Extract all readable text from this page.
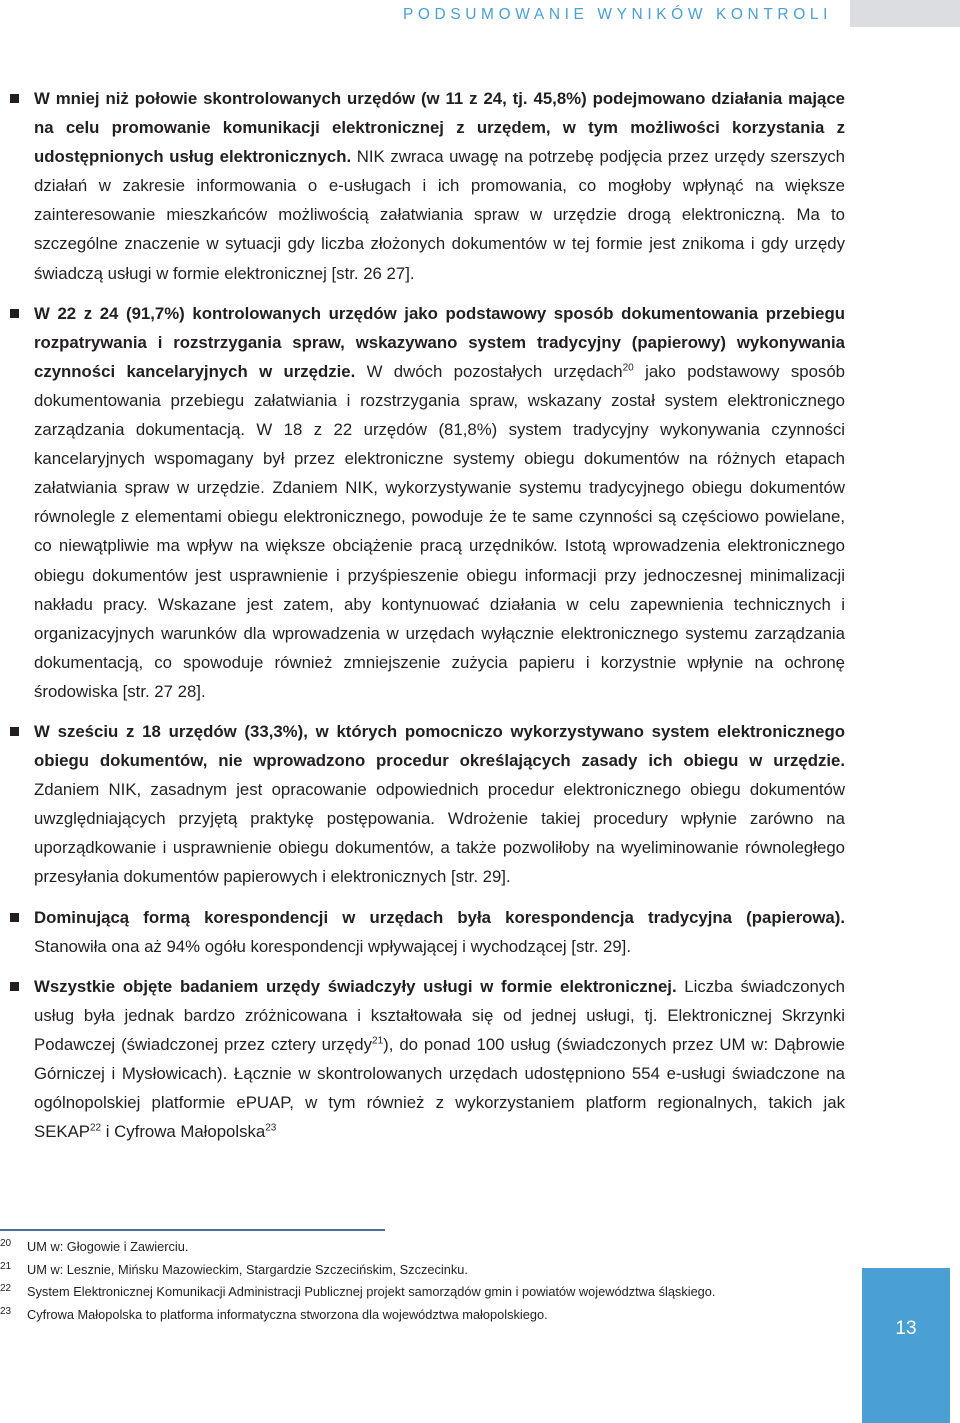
PODSUMOWANIE WYNIKÓW KONTROLI
W mniej niż połowie skontrolowanych urzędów (w 11 z 24, tj. 45,8%) podejmowano działania mające na celu promowanie komunikacji elektronicznej z urzędem, w tym możliwości korzystania z udostępnionych usług elektronicznych. NIK zwraca uwagę na potrzebę podjęcia przez urzędy szerszych działań w zakresie informowania o e-usługach i ich promowania, co mogłoby wpłynąć na większe zainteresowanie mieszkańców możliwością załatwiania spraw w urzędzie drogą elektroniczną. Ma to szczególne znaczenie w sytuacji gdy liczba złożonych dokumentów w tej formie jest znikoma i gdy urzędy świadczą usługi w formie elektronicznej [str. 26 27].
W 22 z 24 (91,7%) kontrolowanych urzędów jako podstawowy sposób dokumentowania przebiegu rozpatrywania i rozstrzygania spraw, wskazywano system tradycyjny (papierowy) wykonywania czynności kancelaryjnych w urzędzie. W dwóch pozostałych urzędach$^{20}$ jako podstawowy sposób dokumentowania przebiegu załatwiania i rozstrzygania spraw, wskazany został system elektronicznego zarządzania dokumentacją. W 18 z 22 urzędów (81,8%) system tradycyjny wykonywania czynności kancelaryjnych wspomagany był przez elektroniczne systemy obiegu dokumentów na różnych etapach załatwiania spraw w urzędzie. Zdaniem NIK, wykorzystywanie systemu tradycyjnego obiegu dokumentów równolegle z elementami obiegu elektronicznego, powoduje że te same czynności są częściowo powielane, co niewątpliwie ma wpływ na większe obciążenie pracą urzędników. Istotą wprowadzenia elektronicznego obiegu dokumentów jest usprawnienie i przyśpieszenie obiegu informacji przy jednoczesnej minimalizacji nakładu pracy. Wskazane jest zatem, aby kontynuować działania w celu zapewnienia technicznych i organizacyjnych warunków dla wprowadzenia w urzędach wyłącznie elektronicznego systemu zarządzania dokumentacją, co spowoduje również zmniejszenie zużycia papieru i korzystnie wpłynie na ochronę środowiska [str. 27 28].
W sześciu z 18 urzędów (33,3%), w których pomocniczo wykorzystywano system elektronicznego obiegu dokumentów, nie wprowadzono procedur określających zasady ich obiegu w urzędzie. Zdaniem NIK, zasadnym jest opracowanie odpowiednich procedur elektronicznego obiegu dokumentów uwzględniających przyjętą praktykę postępowania. Wdrożenie takiej procedury wpłynie zarówno na uporządkowanie i usprawnienie obiegu dokumentów, a także pozwoliłoby na wyeliminowanie równoległego przesyłania dokumentów papierowych i elektronicznych [str. 29].
Dominującą formą korespondencji w urzędach była korespondencja tradycyjna (papierowa). Stanowiła ona aż 94% ogółu korespondencji wpływającej i wychodzącej [str. 29].
Wszystkie objęte badaniem urzędy świadczyły usługi w formie elektronicznej. Liczba świadczonych usług była jednak bardzo zróżnicowana i kształtowała się od jednej usługi, tj. Elektronicznej Skrzynki Podawczej (świadczonej przez cztery urzędy$^{21}$), do ponad 100 usług (świadczonych przez UM w: Dąbrowie Górniczej i Mysłowicach). Łącznie w skontrolowanych urzędach udostępniono 554 e-usługi świadczone na ogólnopolskiej platformie ePUAP, w tym również z wykorzystaniem platform regionalnych, takich jak SEKAP$^{22}$ i Cyfrowa Małopolska$^{23}$
20 UM w: Głogowie i Zawierciu.
21 UM w: Lesznie, Mińsku Mazowieckim, Stargardzie Szczecińskim, Szczecinku.
22 System Elektronicznej Komunikacji Administracji Publicznej projekt samorządów gmin i powiatów województwa śląskiego.
23 Cyfrowa Małopolska to platforma informatyczna stworzona dla województwa małopolskiego.
13
